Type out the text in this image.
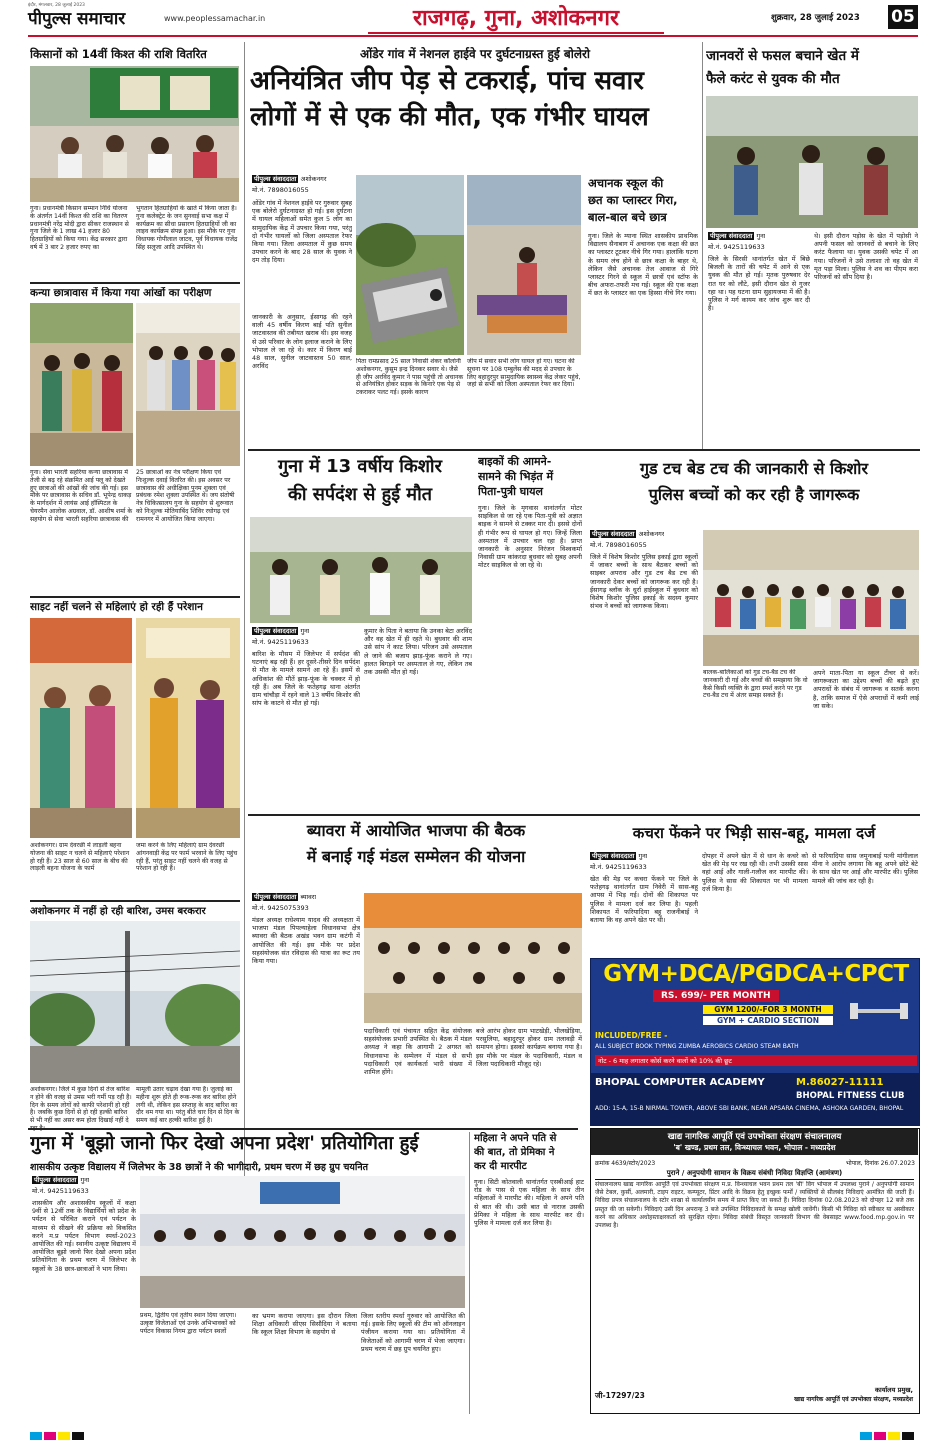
इंदौर, मंगलवार, 28 जुलाई 2023
पीपुल्स समाचार	www.peoplessamachar.in	राजगढ़, गुना, अशोकनगर	शुक्रवार, 28 जुलाई 2023 05
किसानों को 14वीं किश्त की राशि वितरित
गुना। प्रधानमंत्री किसान सम्मान निधि योजना के अंतर्गत 14वीं किश्त की राशि का वितरण प्रधानमंत्री नरेंद्र मोदी द्वारा सीकर राजस्थान से गुना जिले के 1 लाख 41 हजार 80 हितग्राहियों को किया गया। केंद्र सरकार द्वारा वर्ष में 3 बार 2 हजार रुपए का
भुगतान हितग्राहियों के खाते में किया जाता है। गुना कलेक्ट्रेट के जन सुनवाई सभा कक्ष में कार्यक्रम का सीधा प्रसारण हितग्राहियों जी का लाइव कार्यक्रम संपन्न हुआ। इस मौके पर गुना विधायक गोपीलाल जाटव, पूर्व विधायक राजेंद्र सिंह सलूजा आदि उपस्थित थे।
कन्या छात्रावास में किया गया आंखों का परीक्षण
गुना। सेवा भारती सहरिया कन्या छात्रावास में तेजी से बढ़ रहे संक्रमित आई फ्लू को देखते हुए छात्राओं की आंखों की जांच की गई। इस मौके पर छात्रावास के सचिव डॉ. भूपेन्द्र धाकड़ के मार्गदर्शन में लायंस आई हॉस्पिटल के चेयरमैन आलोक अग्रवाल, डॉ. आशीष शर्मा के सहयोग से सेवा भारती सहरिया छात्रावास की
25 छात्राओं का नेत्र परीक्षण किया एवं निःशुल्क दवाई वितरित की। इस अवसर पर छात्रावास की अधीक्षिका पूनम शुक्ला एवं प्रबंधक रमेश शुक्ला उपस्थित थे। जय संतोषी नेत्र चिकित्सालय गुना के सहयोग से शुरूवात को निःशुल्क मोतियाबिंद शिविर रघोगढ़ एवं रामनगर में आयोजित किया जाएगा।
साइट नहीं चलने से महिलाएं हो रही हैं परेशान
अशोकनगर। ग्राम देवरछी में लाड़ली बहना योजना की साइट न चलने से महिलाएं परेशान हो रही हैं। 23 साल से 60 साल के बीच की लाड़ली बहना योजना के फार्म
जमा करने के लिए महिलाएं ग्राम देवरछी आंगनवाड़ी केंद्र पर फार्म भरवाने के लिए पहुंच रही हैं, परंतु साइट नहीं चलने की वजह से परेशान हो रही हैं।
अशोकनगर में नहीं हो रही बारिश, उमस बरकरार
अशोकनगर। जिले में कुछ दिनों से तेज बारिश न होने की वजह से उमस भरी गर्मी पड़ रही है। दिन के समय लोगों को काफी परेशानी हो रही है। जबकि कुछ दिनों से हो रही हल्की बारिश से भी नहीं का असर कम होता दिखाई नहीं दे
मामूली उतार चढ़ाव देखा गया है। जुलाई का महीना शुरू होते ही रूक-रूक कर बारिश होने लगी थी, लेकिन इस सप्ताह के बाद बारिश का दौर थम गया था। परंतु बीते चार दिन से दिन के समय कई बार हल्की बारिश हुई है।
ओंडेर गांव में नेशनल हाईवे पर दुर्घटनाग्रस्त हुई बोलेरो
अनियंत्रित जीप पेड़ से टकराई, पांच सवार
लोगों में से एक की मौत, एक गंभीर घायल
पीपुल्स संवाददाता अशोकनगर
मो.नं. 7898016055
ओंडेर गांव में नेशनल हाईवे पर गुरुवार सुबह एक बोलेरो दुर्घटनाग्रस्त हो गई। इस दुर्घटना में घायल महिलाओं समेत कुल 5 लोग का सामुदायिक केंद्र में उपचार किया गया, परंतु दो गंभीर घायलों को जिला अस्पताल रेफर किया गया। जिला अस्पताल में कुछ समय उपचार करने के बाद 28 साल के युवक ने दम तोड़ दिया।
जानकारी के अनुसार, ईसागढ़ की रहने वाली 45 वर्षीय किरण बाई पति सुनील जाटवास्तव की तबीयत खराब थी। इस वजह से उसे परिवार के लोग इलाज कराने के लिए भोपाल ले जा रहे थे। कार में किरण बाई 48 साल, सुनील जाटवास्तव 50 साल, अरविंद
पिता रामप्रसाद 25 साल निवासी शंकर कॉलोनी अशोकनगर, कुसुम इन्द्र दिनकर सवार थे। जैसे ही जीप अरविंद कुमार ने पास पहुंची तो अचानक से अनियंत्रित होकर सड़क के किनारे एक पेड़ से टकराकर पलट गई। इसके कारण
जीप में सवार सभी लोग घायल हो गए। घटना की सूचना पर 108 एम्बुलेंस की मदद से उपचार के लिए बहादुरपुर सामुदायिक स्वास्थ्य केंद्र लेकर पहुंचे, जहां से सभी को जिला अस्पताल रेफर कर दिया।
अचानक स्कूल की
छत का प्लास्टर गिरा,
बाल-बाल बचे छात्र
गुना। जिले के म्याना स्थित शासकीय प्राथमिक विद्यालय सैनाबाग में अचानक एक कक्षा की छत का प्लास्टर टूटकर नीचे गिर गया। हालांकि घटना के समय लंच होने से छात्र कक्षा के बाहर थे, लेकिन जैसे अचानक तेज आवाज से गिरे प्लास्टर गिरने से स्कूल में छात्रों एवं स्टॉफ के बीच अफरा-तफरी मच गई। स्कूल की एक कक्षा में छत के प्लास्टर का एक हिस्सा नीचे गिर गया।
जानवरों से फसल बचाने खेत में
फैले करंट से युवक की मौत
पीपुल्स संवाददाता गुना
मो.नं. 9425119633
जिले के सिरसी थानांतर्गत खेत में बिछे बिजली के तारों की चपेट में आने से एक युवक की मौत हो गई। मृतक पुरुषवार देर रात घर को लौटे, इसी दौरान खेत से गुजर रहा था। यह घटना ग्राम सुहायजमा में की है। पुलिस ने मर्ग कायम कर जांच शुरू कर दी है।
थे। इसी दौरान पड़ोस के खेत में पड़ोसी ने अपनी फसल को जानवरों से बचाने के लिए करंट फैलाया था। युवक उसकी चपेट में आ गया। परिजनों ने उसे तलाशा तो वह खेत में मृत पड़ा मिला। पुलिस ने शव का पीएम करा परिजनों को सौंप दिया है।
गुना में 13 वर्षीय किशोर
की सर्पदंश से हुई मौत
पीपुल्स संवाददाता गुना
मो.नं. 9425119633
बारिश के मौसम में जिलेभर में सर्पदंश की घटनाएं बढ़ रही हैं। हर दूसरे-तीसरे दिन सर्पदंश से मौत के मामले सामने आ रहे हैं। इसमें से अधिकांश की मौतें झाड़-फूंक के चक्कर में हो रही हैं। अब जिले के फतेहगढ़ थाना अंतर्गत ग्राम चांचौड़ा में रहने वाले 13 वर्षीय किशोर की सांप के काटने से मौत हो गई।
कुमार के पिता ने बताया कि उनका बेटा अरविंद और वह खेत में ही रहते थे। बुधवार की शाम उसे सांप ने काट लिया। परिजन उसे अस्पताल ले जाने की बजाय झाड़-फूंक कराने ले गए। हालत बिगड़ने पर अस्पताल ले गए, लेकिन तब तक उसकी मौत हो गई।
बाइकों की आमने-
सामने की भिड़ंत में
पिता-पुत्री घायल
गुना। जिले के मृगवास थानांतर्गत मोटर साइकिल से जा रहे एक पिता-पुत्री को अज्ञात बाइक ने सामने से टक्कर मार दी। इससे दोनों ही गंभीर रूप से घायल हो गए। जिन्हें जिला अस्पताल में उपचार चल रहा है। प्राप्त जानकारी के अनुसार निरंजन विश्वकर्मा निवासी ग्राम कांकरदा बुधवार को सुबह अपनी मोटर साइकिल से जा रहे थे।
गुड टच बेड टच की जानकारी से किशोर
पुलिस बच्चों को कर रही है जागरूक
पीपुल्स संवाददाता अशोकनगर
मो.नं. 7898016055
जिले में विशेष किशोर पुलिस इकाई द्वारा स्कूलों में जाकर बच्चों के साथ बैठकर बच्चों को साइबर अपराध और गुड टच बैड टच की जानकारी देकर बच्चों को जागरूक कर रही है। ईसागढ़ ब्लॉक के धुर्रा हाईस्कूल में बुधवार को विशेष किशोर पुलिस इकाई के सदस्य कुमार संभव ने बच्चों को जागरूक किया।
बालक-बालिकाओं को गुड टच-बैड टच की जानकारी दी गई और बच्चों की समझाया कि वो कैसे किसी व्यक्ति के द्वारा स्पर्श करने पर गुड टच-बैड टच में अंतर समझ सकते हैं।
अपने माता-पिता या स्कूल टीचर से करें। जागरूकता का उद्देश्य बच्चों की बढ़ते हुए अपराधों के संबंध में जागरूक व सतर्क करना है, ताकि समाज में ऐसे अपराधों में कमी लाई जा सके।
ब्यावरा में आयोजित भाजपा की बैठक
में बनाई गई मंडल सम्मेलन की योजना
पीपुल्स संवाददाता ब्यावरा
मो.नं. 9425075393
मंडल अध्यक्ष राधेश्याम यादव की अध्यक्षता में भाजपा मंडल पिपल्याहेला विधानसभा क्षेत्र ब्यावरा की बैठक अखंड भवन ग्राम कटंगी में आयोजित की गई। इस मौके पर प्रदेश सहसंयोजक संत रविदास की यात्रा का रूट तय किया गया।
पदाधिकारी एवं पंचायत सहित केंद्र संयोजक सहसंयोजक प्रभारी उपस्थित थे। बैठक में मंडल अध्यक्ष ने कहा कि आगामी 2 अगस्त को विधानसभा के सम्मेलन में मंडल से सभी पदाधिकारी एवं कार्यकर्ता भारी संख्या में शामिल होंगे।
बजे आरंभ होकर ग्राम भाटखेड़ी, भीलखेड़िया, परसुलिया, बहादुरपुर होकर ग्राम तलावड़ी में समापन होगा। इसको कार्यक्रम बनाया गया है। इस मौके पर मंडल के पदाधिकारी, मंडल व जिला पदाधिकारी मौजूद रहे।
कचरा फेंकने पर भिड़ी सास-बहू, मामला दर्ज
पीपुल्स संवाददाता गुना
मो.नं. 9425119633
खेत की मेड़ पर कचरा फेंकने पर जिले के फतेहगढ़ थानांतर्गत ग्राम निवेरी में सास-बहू आपस में भिड़ गई। दोनों की शिकायत पर पुलिस ने मामला दर्ज कर लिया है। पहली शिकायत में फरियादिया बहू राजनीबाई ने बताया कि वह अपने खेत पर थी।
दोपहर में अपने खेत में से धान के कचरे को खेत की मेड़ पर रख रही थी। तभी उसकी सास वहां आई और गाली-गलौज कर मारपीट की। पुलिस ने सास की शिकायत पर भी मामला दर्ज किया है।
से फरियादिया सास जमुनाबाई पत्नी मांगीलाल मीना ने आरोप लगाया कि बहू अपने छोटे बेटे के साथ खेत पर आई और मारपीट की। पुलिस मामले की जांच कर रही है।
GYM+DCA/PGDCA+CPCT
RS. 699/- PER MONTH
GYM 1200/-FOR 3 MONTH
GYM + CARDIO SECTION
INCLUDED/FREE -
ALL SUBJECT BOOK TYPING ZUMBA AEROBICS CARDIO STEAM BATH
नोट - 6 माह लगातार कोर्स करने वालों को 10% की छूट
BHOPAL COMPUTER ACADEMY	M.86027-11111
BHOPAL FITNESS CLUB
ADD: 15-A, 15-B NIRMAL TOWER, ABOVE SBI BANK, NEAR APSARA CINEMA, ASHOKA GARDEN, BHOPAL
गुना में 'बूझो जानो फिर देखो अपना प्रदेश' प्रतियोगिता हुई
शासकीय उत्कृष्ट विद्यालय में जिलेभर के 38 छात्रों ने की भागीदारी, प्रथम चरण में छह ग्रुप चयनित
पीपुल्स संवाददाता गुना
मो.नं. 9425119633
शासकीय और अशासकीय स्कूलों में कक्षा 9वीं से 12वीं तक के विद्यार्थियों को प्रदेश के पर्यटन से परिचित कराने एवं पर्यटन के माध्यम से सीखने की प्रक्रिया को विकसित करने म.प्र पर्यटन विभाग स्पर्धा-2023 आयोजित की गई। स्थानीय उत्कृष्ट विद्यालय में आयोजित बूझो जानो फिर देखो अपना प्रदेश प्रतियोगिता के प्रथम चरण में जिलेभर के स्कूलों के 38 छात्र-छात्राओं ने भाग लिया।
प्रथम, द्वितीय एवं तृतीय स्थान दिया जाएगा। उत्कृष्ट विजेताओं एवं उनके अभिभावकों को पर्यटन विकास निगम द्वारा पर्यटन स्थलों
का भ्रमण कराया जाएगा। इस दौरान जिला शिक्षा अधिकारी सीएस सिसौदिया ने बताया कि स्कूल शिक्षा विभाग के सहयोग से
जिला स्तरीय स्पर्धा गुरुवार को आयोजित की गई। इसके लिए स्कूलों की टीम को ऑनलाइन पंजीयन कराया गया था। प्रतियोगिता में विजेताओं को आगामी चरण में भेजा जाएगा। प्रथम चरण में छह ग्रुप चयनित हुए।
महिला ने अपने पति से
की बात, तो प्रेमिका ने
कर दी मारपीट
गुना। सिटी कोतवाली थानांतर्गत एसबीआई हाट रोड के पास से एक महिला के साथ तीन महिलाओं ने मारपीट की। महिला ने अपने पति से बात की थी। उसी बात से नाराज उसकी प्रेमिका ने महिला के साथ मारपीट कर दी। पुलिस ने मामला दर्ज कर लिया है।
खाद्य नागरिक आपूर्ति एवं उपभोक्ता संरक्षण संचालनालय
'ब' खण्ड, प्रथम तल, विन्ध्याचल भवन, भोपाल - मध्यप्रदेश
क्रमांक 4639/स्टोर/2023	भोपाल, दिनांक 26.07.2023
पुराने / अनुपयोगी सामान के विक्रय संबंधी निविदा विज्ञप्ति (आमंत्रण)
संचालनालय खाद्य नागरिक आपूर्ति एवं उपभोक्ता संरक्षण म.प्र. विन्ध्याचल भवन प्रथम तल 'बी' विंग भोपाल में उपलब्ध पुराने / अनुपयोगी सामान जैसे टेबल, कुर्सी, अलमारी, टाइप राइटर, कम्प्यूटर, प्रिंटर आदि के विक्रय हेतु इच्छुक फर्मों / व्यक्तियों से सीलबंद निविदाएं आमंत्रित की जाती हैं। निविदा प्रपत्र संचालनालय के स्टोर शाखा से कार्यालयीन समय में प्राप्त किए जा सकते हैं। निविदा दिनांक 02.08.2023 को दोपहर 12 बजे तक प्रस्तुत की जा सकेगी। निविदाएं उसी दिन अपरान्ह 3 बजे उपस्थित निविदाकारों के समक्ष खोली जावेंगी। किसी भी निविदा को स्वीकार या अस्वीकार करने का अधिकार अधोहस्ताक्षरकर्ता को सुरक्षित रहेगा। निविदा संबंधी विस्तृत जानकारी विभाग की वेबसाइट www.food.mp.gov.in पर उपलब्ध है।
जी-17297/23
कार्यालय प्रमुख,
खाद्य नागरिक आपूर्ति एवं उपभोक्ता संरक्षण, मध्यप्रदेश
